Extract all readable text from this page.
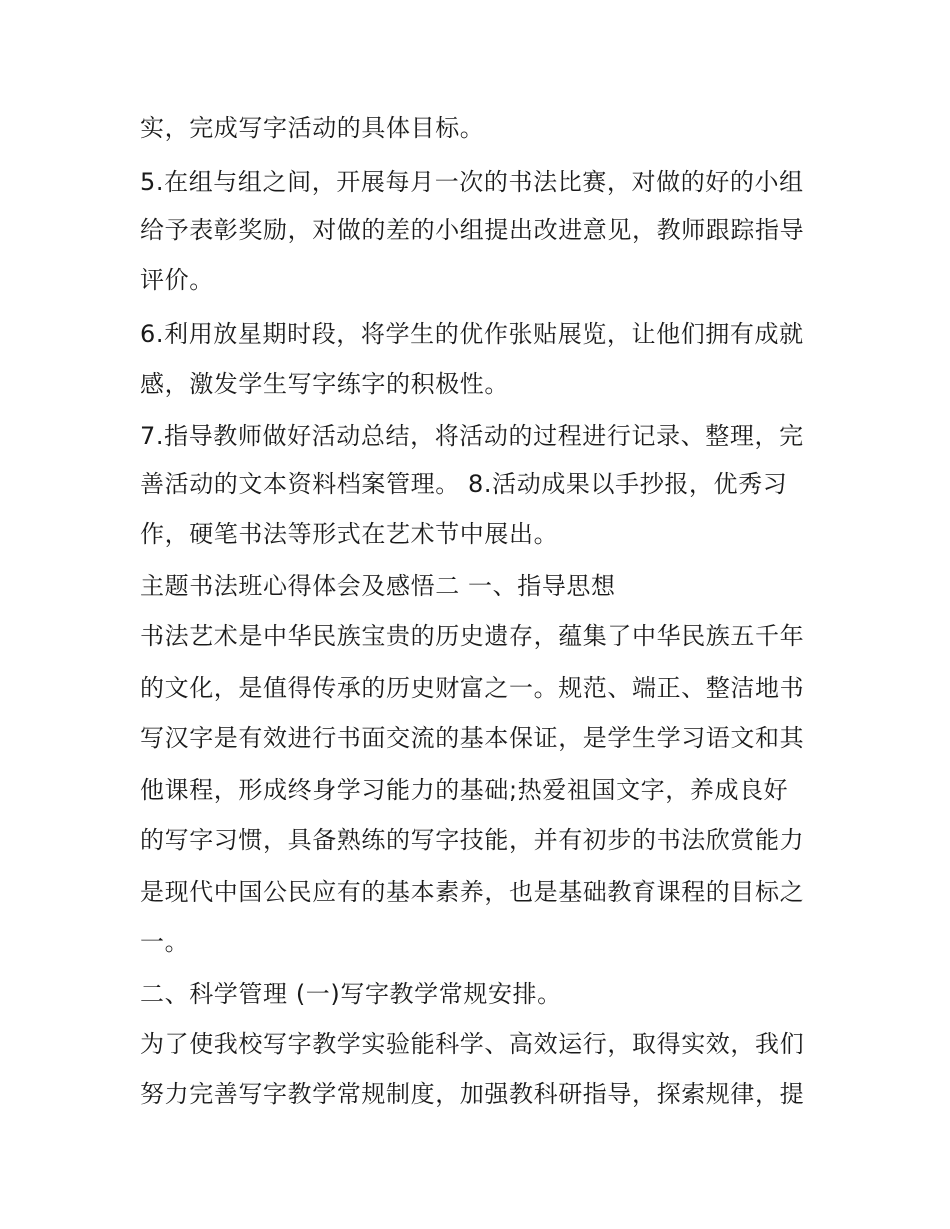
实，完成写字活动的具体目标。
5.在组与组之间，开展每月一次的书法比赛，对做的好的小组
给予表彰奖励，对做的差的小组提出改进意见，教师跟踪指导
评价。
6.利用放星期时段，将学生的优作张贴展览，让他们拥有成就
感，激发学生写字练字的积极性。
7.指导教师做好活动总结，将活动的过程进行记录、整理，完
善活动的文本资料档案管理。 8.活动成果以手抄报，优秀习
作，硬笔书法等形式在艺术节中展出。
主题书法班心得体会及感悟二 一、指导思想
书法艺术是中华民族宝贵的历史遗存，蕴集了中华民族五千年
的文化，是值得传承的历史财富之一。规范、端正、整洁地书
写汉字是有效进行书面交流的基本保证，是学生学习语文和其
他课程，形成终身学习能力的基础;热爱祖国文字，养成良好
的写字习惯，具备熟练的写字技能，并有初步的书法欣赏能力
是现代中国公民应有的基本素养，也是基础教育课程的目标之
一。
二、科学管理 (一)写字教学常规安排。
为了使我校写字教学实验能科学、高效运行，取得实效，我们
努力完善写字教学常规制度，加强教科研指导，探索规律，提
